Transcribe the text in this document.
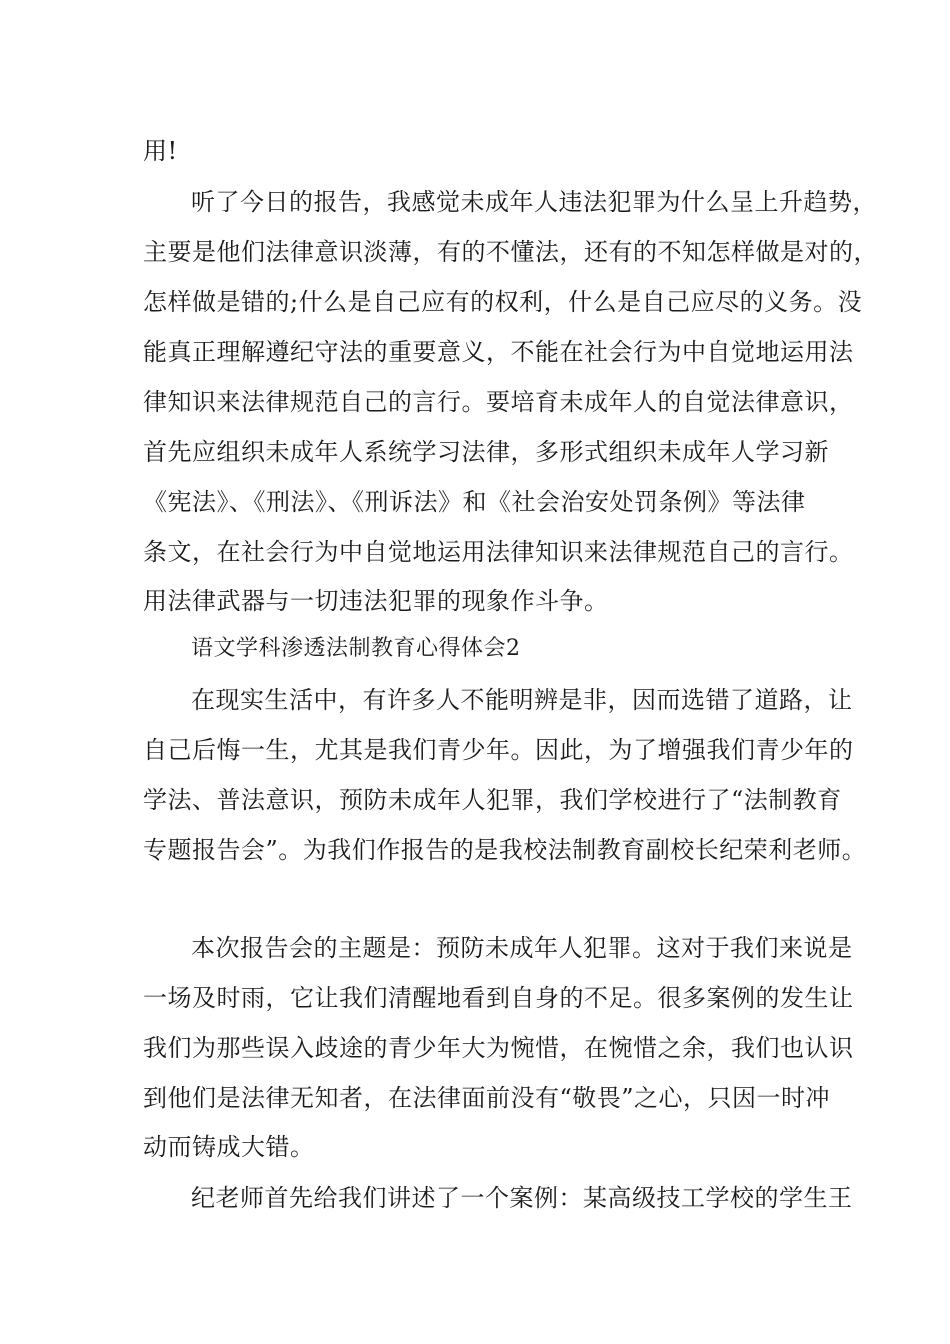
用!
听了今日的报告，我感觉未成年人违法犯罪为什么呈上升趋势，
主要是他们法律意识淡薄，有的不懂法，还有的不知怎样做是对的，
怎样做是错的;什么是自己应有的权利，什么是自己应尽的义务。没
能真正理解遵纪守法的重要意义，不能在社会行为中自觉地运用法
律知识来法律规范自己的言行。要培育未成年人的自觉法律意识，
首先应组织未成年人系统学习法律，多形式组织未成年人学习新
《宪法》、《刑法》、《刑诉法》和《社会治安处罚条例》等法律
条文，在社会行为中自觉地运用法律知识来法律规范自己的言行。
用法律武器与一切违法犯罪的现象作斗争。
语文学科渗透法制教育心得体会2
在现实生活中，有许多人不能明辨是非，因而选错了道路，让
自己后悔一生，尤其是我们青少年。因此，为了增强我们青少年的
学法、普法意识，预防未成年人犯罪，我们学校进行了“法制教育
专题报告会”。为我们作报告的是我校法制教育副校长纪荣利老师。
本次报告会的主题是：预防未成年人犯罪。这对于我们来说是
一场及时雨，它让我们清醒地看到自身的不足。很多案例的发生让
我们为那些误入歧途的青少年大为惋惜，在惋惜之余，我们也认识
到他们是法律无知者，在法律面前没有“敬畏”之心，只因一时冲
动而铸成大错。
纪老师首先给我们讲述了一个案例：某高级技工学校的学生王
